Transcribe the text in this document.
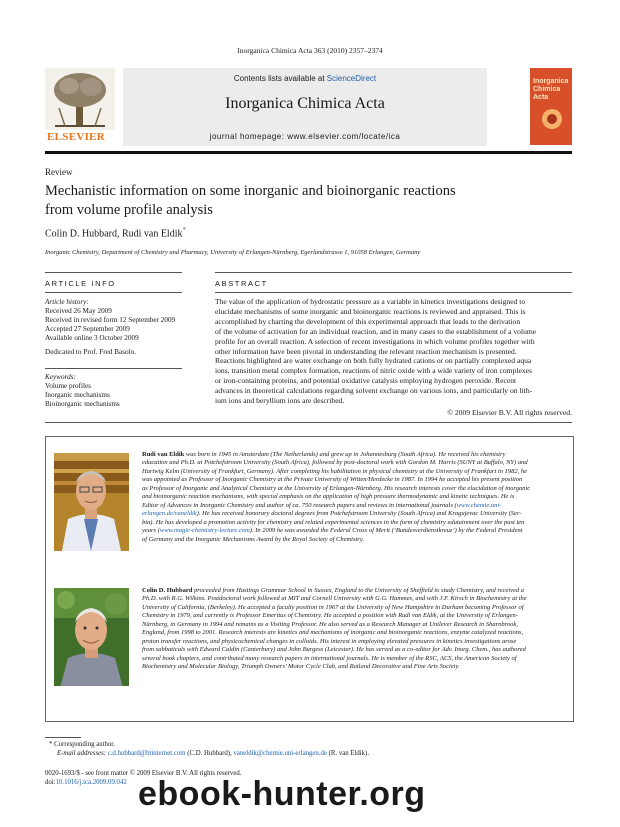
Inorganica Chimica Acta 363 (2010) 2357–2374
ELSEVIER
Contents lists available at ScienceDirect
Inorganica Chimica Acta
journal homepage: www.elsevier.com/locate/ica
Inorganica Chimica Acta
Review
Mechanistic information on some inorganic and bioinorganic reactions
from volume profile analysis
Colin D. Hubbard, Rudi van Eldik*
Inorganic Chemistry, Department of Chemistry and Pharmacy, University of Erlangen-Nürnberg, Egerlandstrasse 1, 91058 Erlangen, Germany
ARTICLE INFO
Article history:
Received 26 May 2009
Received in revised form 12 September 2009
Accepted 27 September 2009
Available online 3 October 2009
Dedicated to Prof. Fred Basolo.
Keywords:
Volume profiles
Inorganic mechanisms
Bioinorganic mechanisms
ABSTRACT
The value of the application of hydrostatic pressure as a variable in kinetics investigations designed to
elucidate mechanisms of some inorganic and bioinorganic reactions is reviewed and appraised. This is
accomplished by charting the development of this experimental approach that leads to the derivation
of the volume of activation for an individual reaction, and in many cases to the establishment of a volume
profile for an overall reaction. A selection of recent investigations in which volume profiles together with
other information have been pivotal in understanding the relevant reaction mechanism is presented.
Reactions highlighted are water exchange on both fully hydrated cations or on partially complexed aqua
ions, transition metal complex formation, reactions of nitric oxide with a wide variety of iron complexes
or iron-containing proteins, and potential oxidative catalysis employing hydrogen peroxide. Recent
advances in theoretical calculations regarding solvent exchange on various ions, and particularly on lith-
ium ions and beryllium ions are described.
© 2009 Elsevier B.V. All rights reserved.
Rudi van Eldik was born in 1945 in Amsterdam (The Netherlands) and grew up in Johannesburg (South Africa). He received his chemistry
education and Ph.D. at Potchefstroom University (South Africa), followed by post-doctoral work with Gordon M. Harris (SUNY at Buffalo, NY) and
Hartwig Kelm (University of Frankfurt, Germany). After completing his habilitation in physical chemistry at the University of Frankfurt in 1982, he
was appointed as Professor of Inorganic Chemistry at the Private University of Witten/Herdecke in 1987. In 1994 he accepted his present position
as Professor of Inorganic and Analytical Chemistry at the University of Erlangen-Nürnberg. His research interests cover the elucidation of inorganic
and bioinorganic reaction mechanisms, with special emphasis on the application of high pressure thermodynamic and kinetic techniques. He is
Editor of Advances in Inorganic Chemistry and author of ca. 750 research papers and reviews in international journals (www.chemie.uni-
erlangen.de/vaneldik). He has received honorary doctoral degrees from Potchefstroom University (South Africa) and Kragujevac University (Ser-
bia). He has developed a promotion activity for chemistry and related experimental sciences in the form of chemistry edutainment over the past ten
years (www.magic-chemistry-lecture.com). In 2009 he was awarded the Federal Cross of Merit (‘Bundesverdienstkreuz’) by the Federal President
of Germany and the Inorganic Mechanisms Award by the Royal Society of Chemistry.
Colin D. Hubbard proceeded from Hastings Grammar School in Sussex, England to the University of Sheffield to study Chemistry, and received a
Ph.D. with R.G. Wilkins. Postdoctoral work followed at MIT and Cornell University with G.G. Hammes, and with J.F. Kirsch in Biochemistry at the
University of California, (Berkeley). He accepted a faculty position in 1967 at the University of New Hampshire in Durham becoming Professor of
Chemistry in 1979, and currently is Professor Emeritus of Chemistry. He accepted a position with Rudi van Eldik, at the University of Erlangen-
Nürnberg, in Germany in 1994 and remains as a Visiting Professor. He also served as a Research Manager at Unilever Research in Sharnbrook,
England, from 1998 to 2001. Research interests are kinetics and mechanisms of inorganic and bioinorganic reactions, enzyme catalyzed reactions,
proton transfer reactions, and physicochemical changes in colloids. His interest in employing elevated pressures in kinetics investigations arose
from sabbaticals with Edward Caldin (Canterbury) and John Burgess (Leicester). He has served as a co-editor for Adv. Inorg. Chem., has authored
several book chapters, and contributed many research papers in international journals. He is member of the RSC, ACS, the American Society of
Biochemistry and Molecular Biology, Triumph Owners’ Motor Cycle Club, and Rutland Decorative and Fine Arts Society.
* Corresponding author.
E-mail addresses: c.d.hubbard@btinternet.com (C.D. Hubbard), vaneldik@chemie.uni-erlangen.de (R. van Eldik).
0020-1693/$ - see front matter © 2009 Elsevier B.V. All rights reserved.
doi:10.1016/j.ica.2009.09.042 ebook-hunter.org
